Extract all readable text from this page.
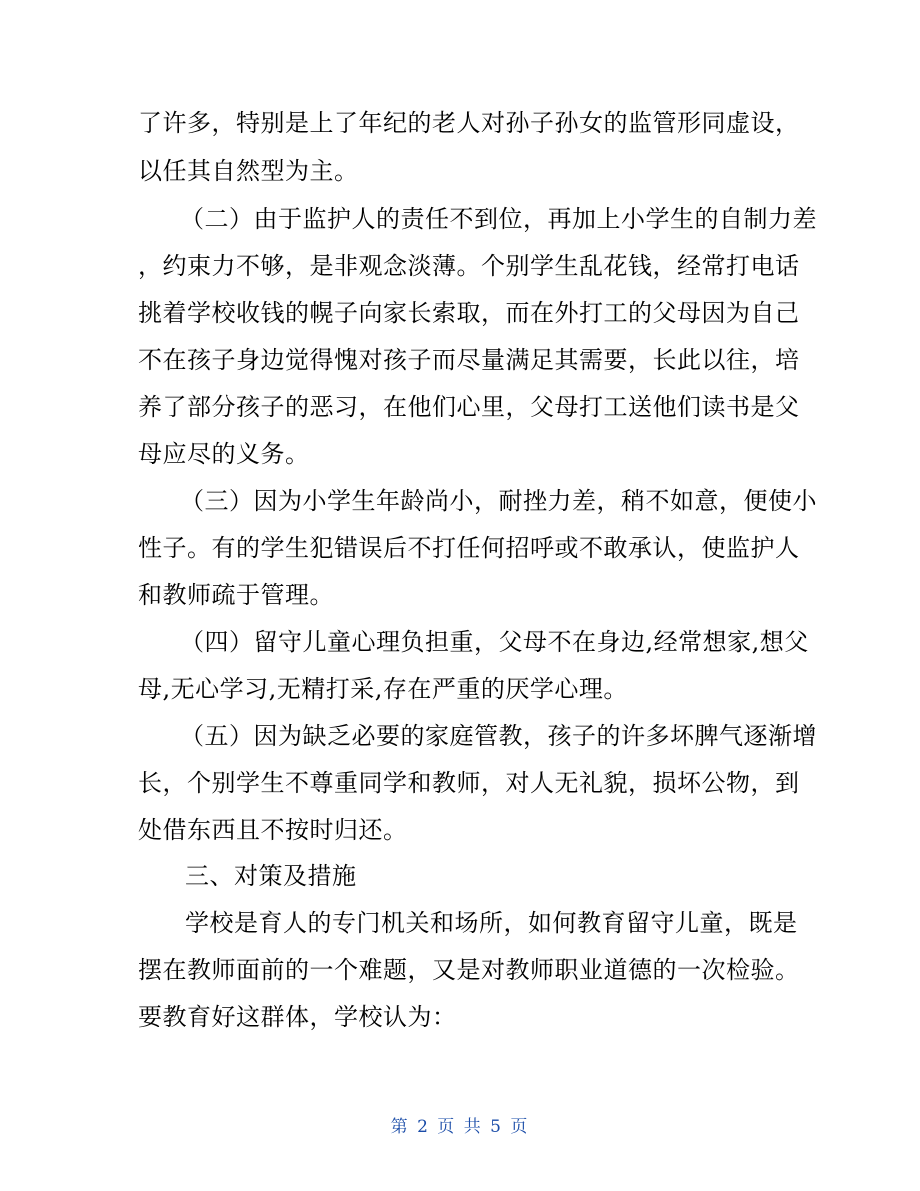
了许多，特别是上了年纪的老人对孙子孙女的监管形同虚设，
以任其自然型为主。
（二）由于监护人的责任不到位，再加上小学生的自制力差
，约束力不够，是非观念淡薄。个别学生乱花钱，经常打电话
挑着学校收钱的幌子向家长索取，而在外打工的父母因为自己
不在孩子身边觉得愧对孩子而尽量满足其需要，长此以往，培
养了部分孩子的恶习，在他们心里，父母打工送他们读书是父
母应尽的义务。
（三）因为小学生年龄尚小，耐挫力差，稍不如意，便使小
性子。有的学生犯错误后不打任何招呼或不敢承认，使监护人
和教师疏于管理。
（四）留守儿童心理负担重，父母不在身边,经常想家,想父
母,无心学习,无精打采,存在严重的厌学心理。
（五）因为缺乏必要的家庭管教，孩子的许多坏脾气逐渐增
长，个别学生不尊重同学和教师，对人无礼貌，损坏公物，到
处借东西且不按时归还。
三、对策及措施
学校是育人的专门机关和场所，如何教育留守儿童，既是
摆在教师面前的一个难题，又是对教师职业道德的一次检验。
要教育好这群体，学校认为：
第 2 页 共 5 页
